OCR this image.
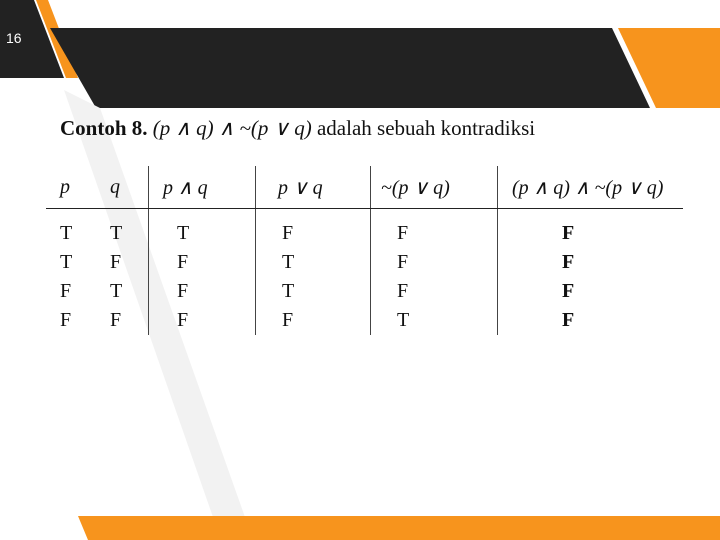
16
Contoh 8. (p ∧ q) ∧ ~(p ∨ q) adalah sebuah kontradiksi
p	q	p ∧ q	p ∨ q	~(p ∨ q)	(p ∧ q) ∧ ~(p ∨ q)
T	T	T	F	F	F
T	F	F	T	F	F
F	T	F	T	F	F
F	F	F	F	T	F
